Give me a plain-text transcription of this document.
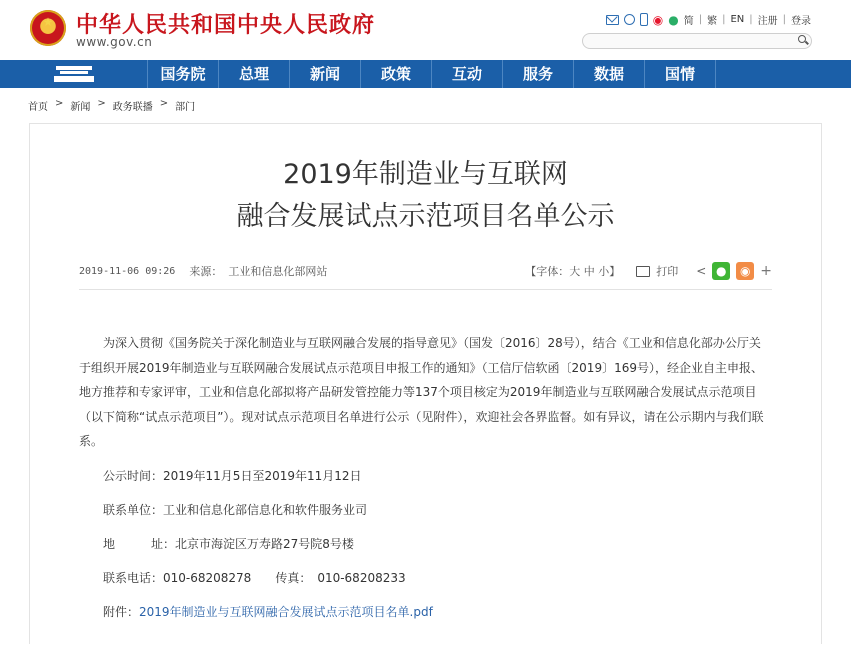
★	中华人民共和国中央人民政府
www.gov.cn
◉ ● 简 | 繁 | EN | 注册 | 登录
国务院	总理	新闻	政策	互动	服务	数据	国情
首页 > 新闻 > 政务联播 > 部门
2019年制造业与互联网
融合发展试点示范项目名单公示
2019-11-06 09:26 来源： 工业和信息化部网站	【字体：大 中 小】	打印 < ●	◉ +

为深入贯彻《国务院关于深化制造业与互联网融合发展的指导意见》（国发〔2016〕28号），结合《工业和信息化部办公厅关于组织开展2019年制造业与互联网融合发展试点示范项目申报工作的通知》（工信厅信软函〔2019〕169号），经企业自主申报、地方推荐和专家评审，工业和信息化部拟将产品研发管控能力等137个项目核定为2019年制造业与互联网融合发展试点示范项目（以下简称“试点示范项目”）。现对试点示范项目名单进行公示（见附件），欢迎社会各界监督。如有异议，请在公示期内与我们联系。

公示时间：2019年11月5日至2019年11月12日
联系单位：工业和信息化部信息化和软件服务业司
地　　　址：北京市海淀区万寿路27号院8号楼
联系电话：010-68208278　　传真：　010-68208233
附件：2019年制造业与互联网融合发展试点示范项目名单.pdf
